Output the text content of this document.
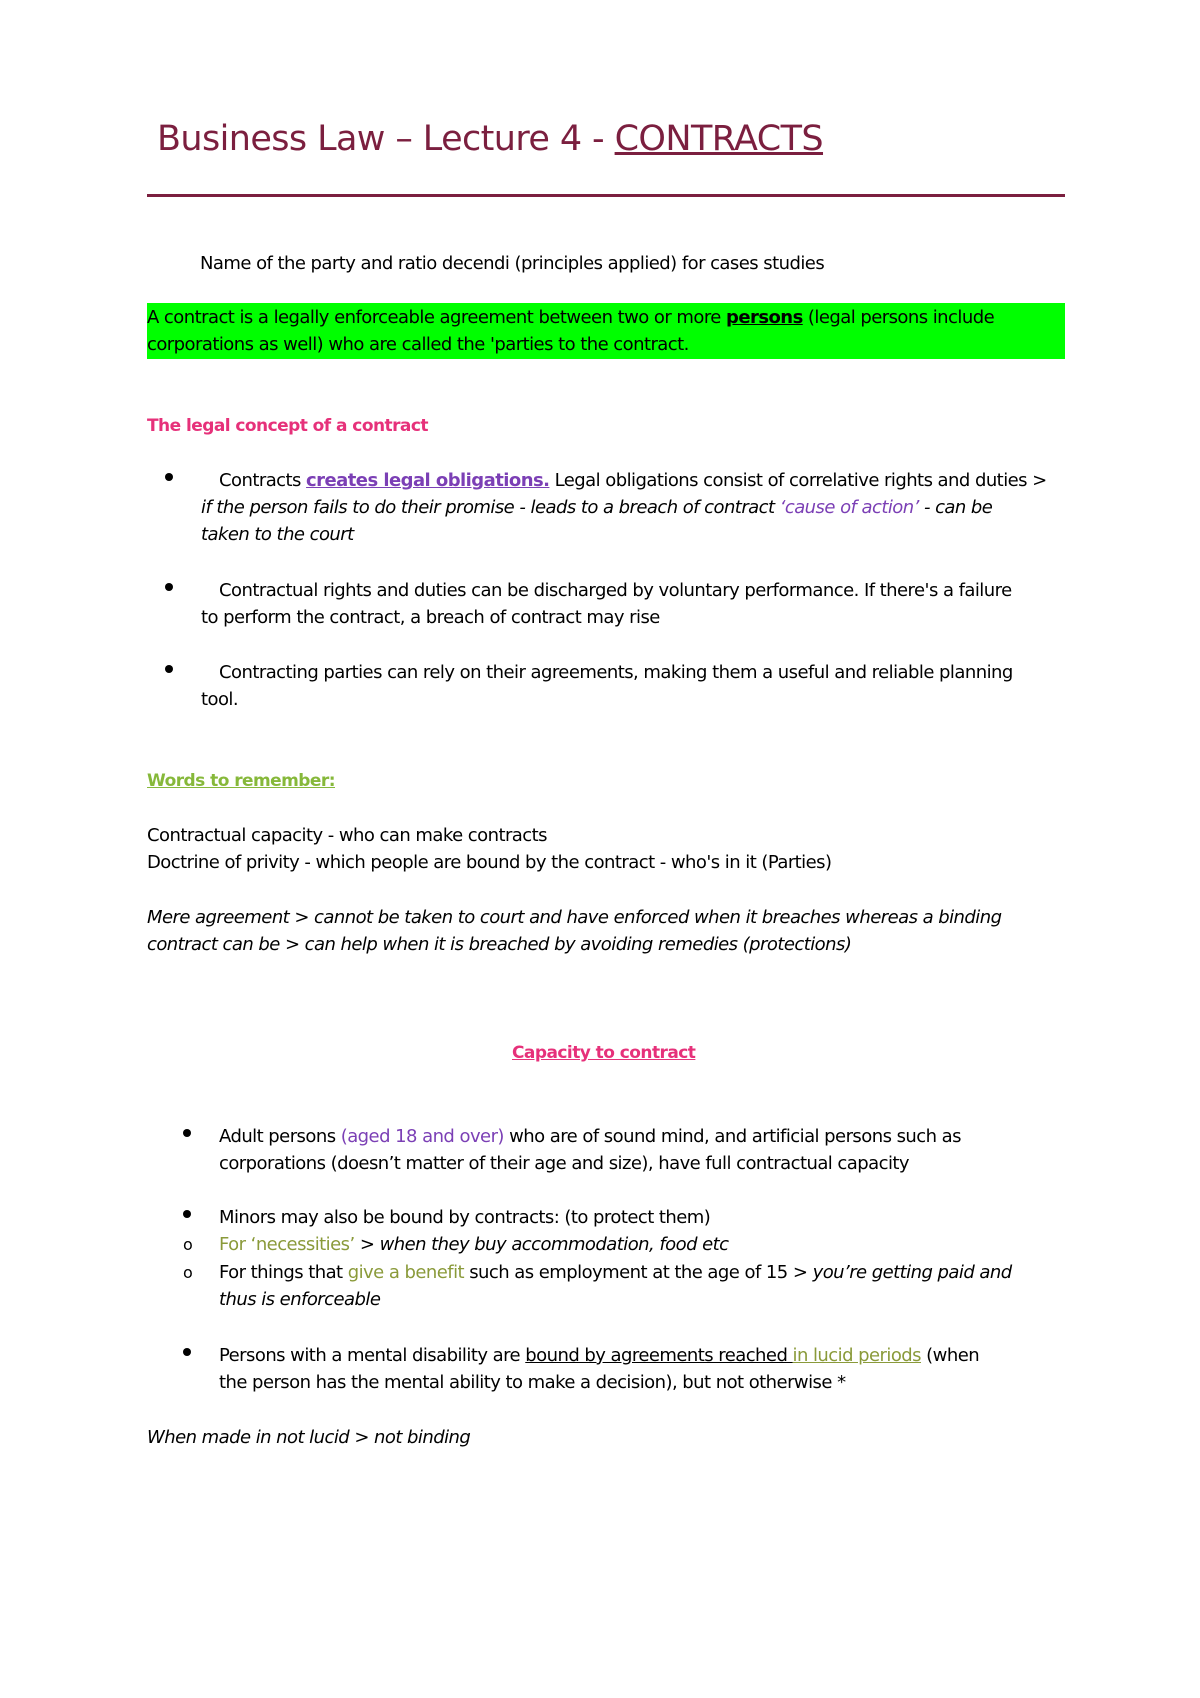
Business Law – Lecture 4 - CONTRACTS
Name of the party and ratio decendi (principles applied) for cases studies
A contract is a legally enforceable agreement between two or more persons (legal persons include
corporations as well) who are called the 'parties to the contract.
The legal concept of a contract
Contracts creates legal obligations. Legal obligations consist of correlative rights and duties >
if the person fails to do their promise - leads to a breach of contract ‘cause of action’ - can be
taken to the court
Contractual rights and duties can be discharged by voluntary performance. If there's a failure
to perform the contract, a breach of contract may rise
Contracting parties can rely on their agreements, making them a useful and reliable planning
tool.
Words to remember:
Contractual capacity - who can make contracts
Doctrine of privity - which people are bound by the contract - who's in it (Parties)
Mere agreement > cannot be taken to court and have enforced when it breaches whereas a binding
contract can be > can help when it is breached by avoiding remedies (protections)
Capacity to contract
Adult persons (aged 18 and over) who are of sound mind, and artificial persons such as
corporations (doesn’t matter of their age and size), have full contractual capacity
Minors may also be bound by contracts: (to protect them)
o For ‘necessities’ > when they buy accommodation, food etc
o For things that give a benefit such as employment at the age of 15 > you’re getting paid and
thus is enforceable
Persons with a mental disability are bound by agreements reached in lucid periods (when
the person has the mental ability to make a decision), but not otherwise *
When made in not lucid > not binding
